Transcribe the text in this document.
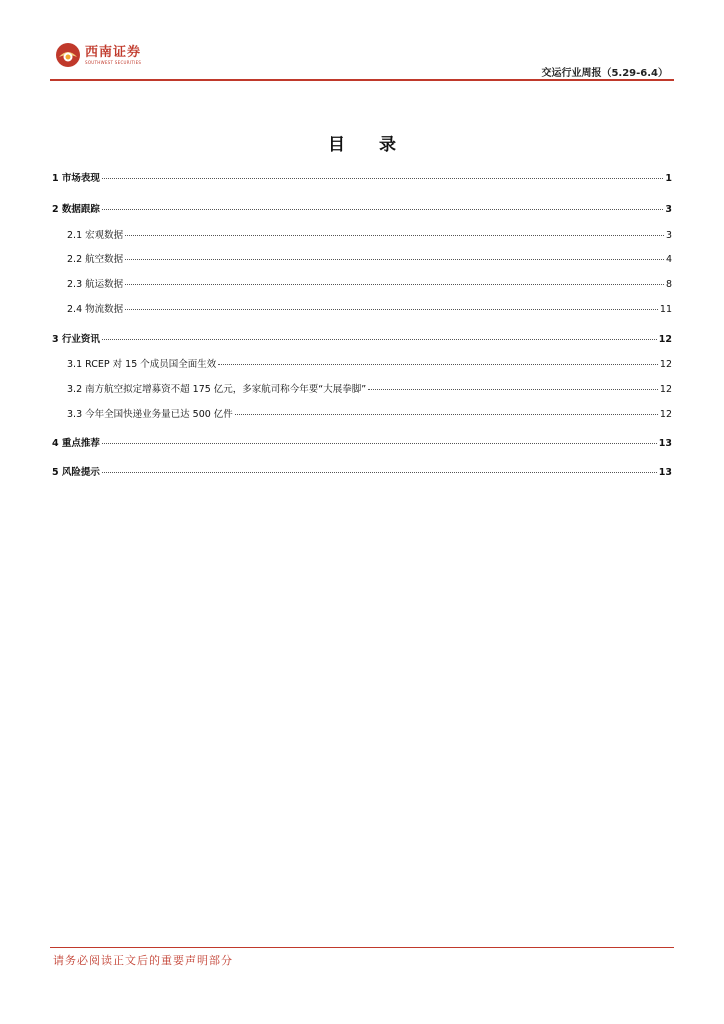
西南证券
SOUTHWEST SECURITIES
交运行业周报（5.29-6.4）
目 录
1 市场表现	1
2 数据跟踪	3
2.1 宏观数据	3
2.2 航空数据	4
2.3 航运数据	8
2.4 物流数据	11
3 行业资讯	12
3.1 RCEP 对 15 个成员国全面生效	12
3.2 南方航空拟定增募资不超 175 亿元，多家航司称今年要“大展拳脚”	12
3.3 今年全国快递业务量已达 500 亿件	12
4 重点推荐	13
5 风险提示	13
请务必阅读正文后的重要声明部分
